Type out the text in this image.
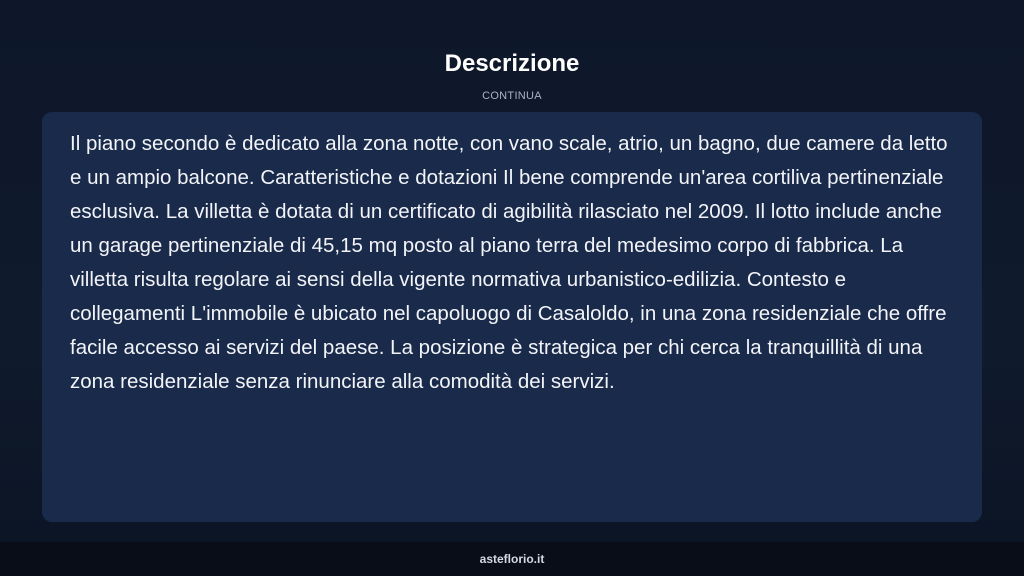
Descrizione
CONTINUA

Il piano secondo è dedicato alla zona notte, con vano scale, atrio, un bagno, due camere da letto e un ampio balcone. Caratteristiche e dotazioni Il bene comprende un'area cortiliva pertinenziale esclusiva. La villetta è dotata di un certificato di agibilità rilasciato nel 2009. Il lotto include anche un garage pertinenziale di 45,15 mq posto al piano terra del medesimo corpo di fabbrica. La villetta risulta regolare ai sensi della vigente normativa urbanistico-edilizia. Contesto e collegamenti L'immobile è ubicato nel capoluogo di Casaloldo, in una zona residenziale che offre facile accesso ai servizi del paese. La posizione è strategica per chi cerca la tranquillità di una zona residenziale senza rinunciare alla comodità dei servizi.

asteflorio.it
